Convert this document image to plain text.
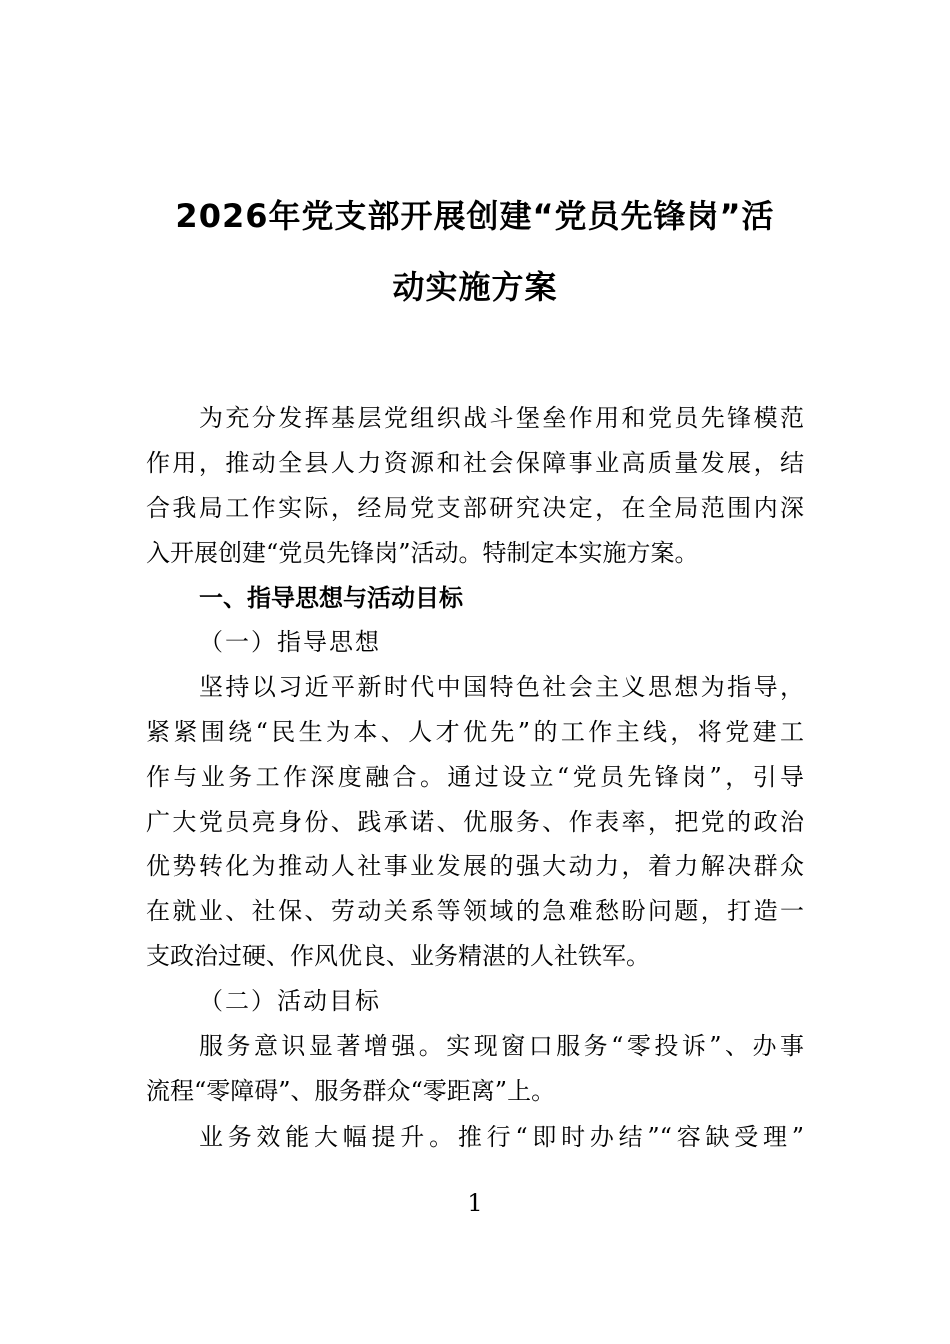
2026年党支部开展创建“党员先锋岗”活
动实施方案
为充分发挥基层党组织战斗堡垒作用和党员先锋模范
作用，推动全县人力资源和社会保障事业高质量发展，结
合我局工作实际，经局党支部研究决定，在全局范围内深
入开展创建“党员先锋岗”活动。特制定本实施方案。
一、指导思想与活动目标
（一）指导思想
坚持以习近平新时代中国特色社会主义思想为指导，
紧紧围绕“民生为本、人才优先”的工作主线，将党建工
作与业务工作深度融合。通过设立“党员先锋岗”，引导
广大党员亮身份、践承诺、优服务、作表率，把党的政治
优势转化为推动人社事业发展的强大动力，着力解决群众
在就业、社保、劳动关系等领域的急难愁盼问题，打造一
支政治过硬、作风优良、业务精湛的人社铁军。
（二）活动目标
服务意识显著增强。实现窗口服务“零投诉”、办事
流程“零障碍”、服务群众“零距离”上。
业务效能大幅提升。推行“即时办结”“容缺受理”
1
